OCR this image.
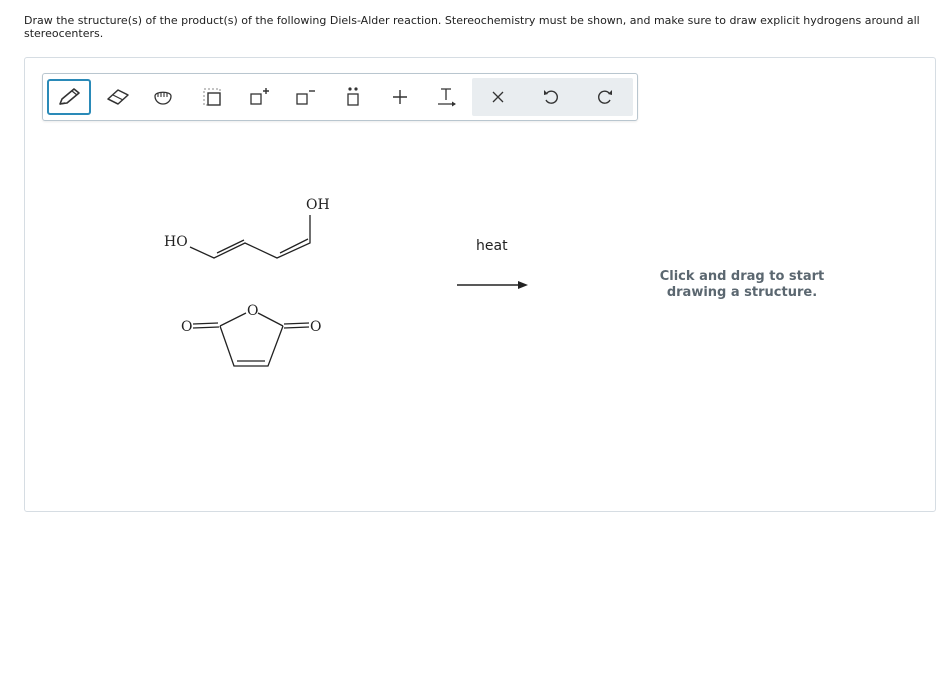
Draw the structure(s) of the product(s) of the following Diels-Alder reaction. Stereochemistry must be shown, and make sure to draw explicit hydrogens around all stereocenters.
HO
OH
O
O
O
heat
Click and drag to start
drawing a structure.
